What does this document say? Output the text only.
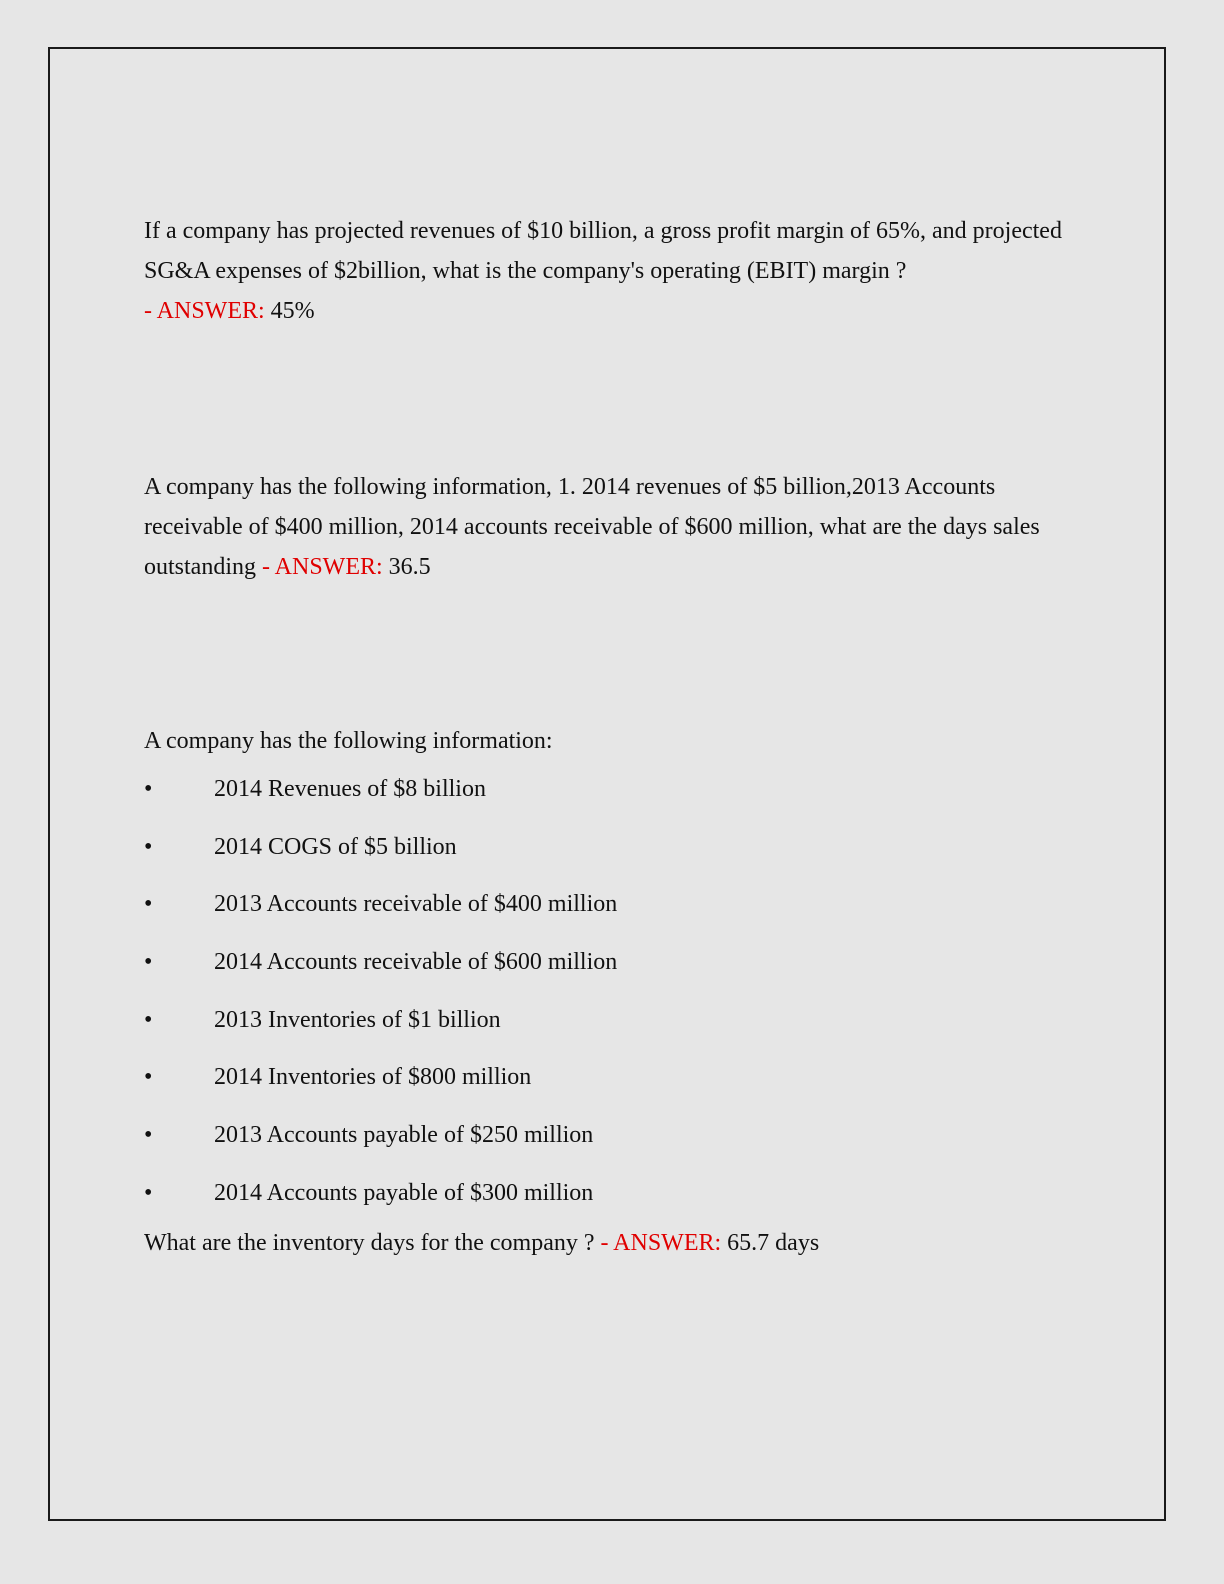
If a company has projected revenues of $10 billion, a gross profit margin of 65%, and projected SG&A expenses of $2billion, what is the company's operating (EBIT) margin ?
- ANSWER: 45%
A company has the following information, 1. 2014 revenues of $5 billion,2013 Accounts receivable of $400 million, 2014 accounts receivable of $600 million, what are the days sales outstanding - ANSWER: 36.5
A company has the following information:
•	2014 Revenues of $8 billion
•	2014 COGS of $5 billion
•	2013 Accounts receivable of $400 million
•	2014 Accounts receivable of $600 million
•	2013 Inventories of $1 billion
•	2014 Inventories of $800 million
•	2013 Accounts payable of $250 million
•	2014 Accounts payable of $300 million
What are the inventory days for the company ? - ANSWER: 65.7 days
